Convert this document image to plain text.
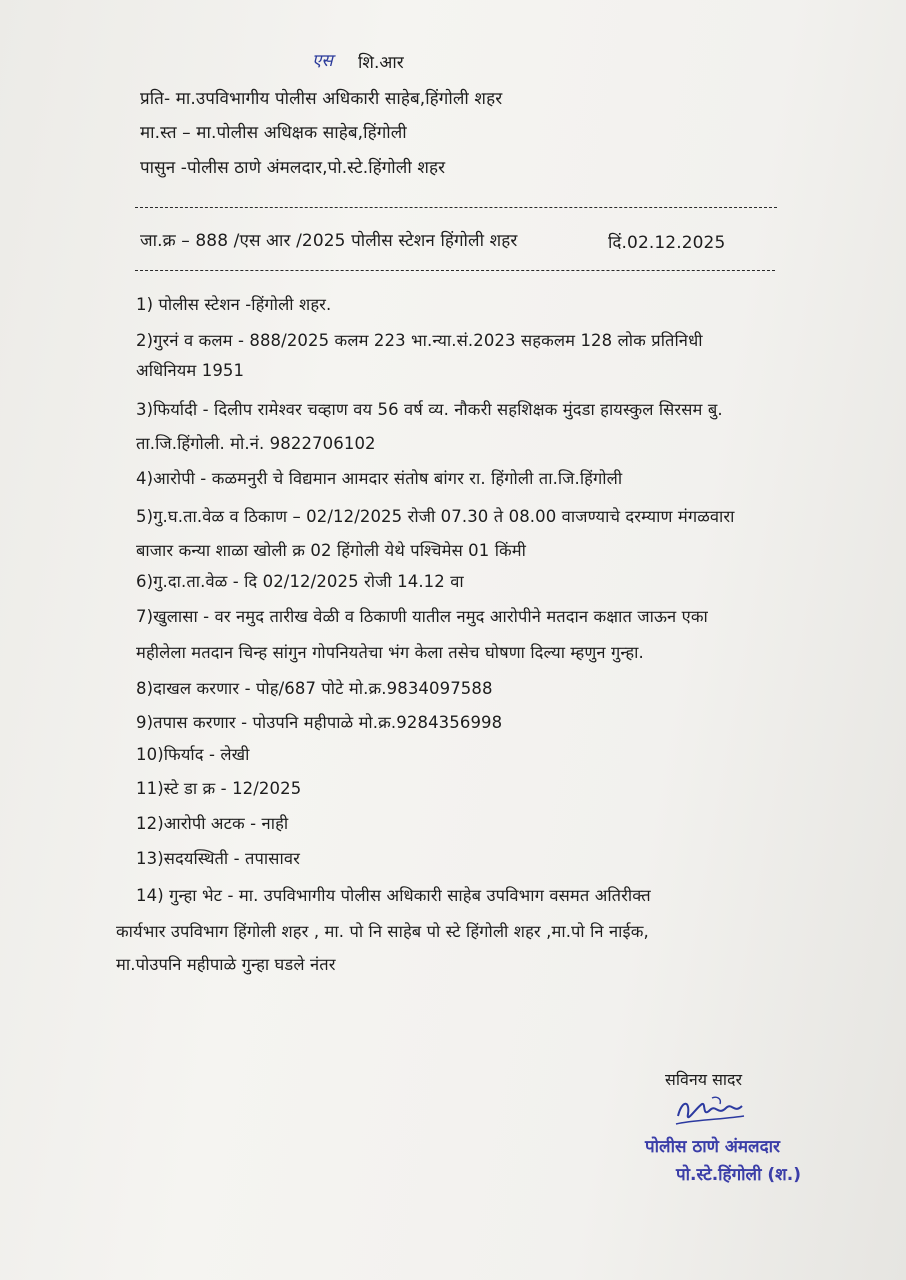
एस शि.आर
प्रति- मा.उपविभागीय पोलीस अधिकारी साहेब,हिंगोली शहर
मा.स्त – मा.पोलीस अधिक्षक साहेब,हिंगोली
पासुन -पोलीस ठाणे अंमलदार,पो.स्टे.हिंगोली शहर
जा.क्र – 888 /एस आर /2025 पोलीस स्टेशन हिंगोली शहर	दिं.02.12.2025
1) पोलीस स्टेशन -हिंगोली शहर.
2)गुरनं व कलम - 888/2025 कलम 223 भा.न्या.सं.2023 सहकलम 128 लोक प्रतिनिधी
अधिनियम 1951
3)फिर्यादी - दिलीप रामेश्वर चव्हाण वय 56 वर्ष व्य. नौकरी सहशिक्षक मुंदडा हायस्कुल सिरसम बु.
ता.जि.हिंगोली. मो.नं. 9822706102
4)आरोपी - कळमनुरी चे विद्यमान आमदार संतोष बांगर रा. हिंगोली ता.जि.हिंगोली
5)गु.घ.ता.वेळ व ठिकाण – 02/12/2025 रोजी 07.30 ते 08.00 वाजण्याचे दरम्याण मंगळवारा
बाजार कन्या शाळा खोली क्र 02 हिंगोली येथे पश्चिमेस 01 किंमी
6)गु.दा.ता.वेळ - दि 02/12/2025 रोजी 14.12 वा
7)खुलासा - वर नमुद तारीख वेळी व ठिकाणी यातील नमुद आरोपीने मतदान कक्षात जाऊन एका
महीलेला मतदान चिन्ह सांगुन गोपनियतेचा भंग केला तसेच घोषणा दिल्या म्हणुन गुन्हा.
8)दाखल करणार - पोह/687 पोटे मो.क्र.9834097588
9)तपास करणार - पोउपनि महीपाळे मो.क्र.9284356998
10)फिर्याद - लेखी
11)स्टे डा क्र - 12/2025
12)आरोपी अटक - नाही
13)सदयस्थिती - तपासावर
14) गुन्हा भेट - मा. उपविभागीय पोलीस अधिकारी साहेब उपविभाग वसमत अतिरीक्त
कार्यभार उपविभाग हिंगोली शहर , मा. पो नि साहेब पो स्टे हिंगोली शहर ,मा.पो नि नाईक,
मा.पोउपनि महीपाळे गुन्हा घडले नंतर
सविनय सादर
पोलीस ठाणे अंमलदार
पो.स्टे.हिंगोली (श.)
